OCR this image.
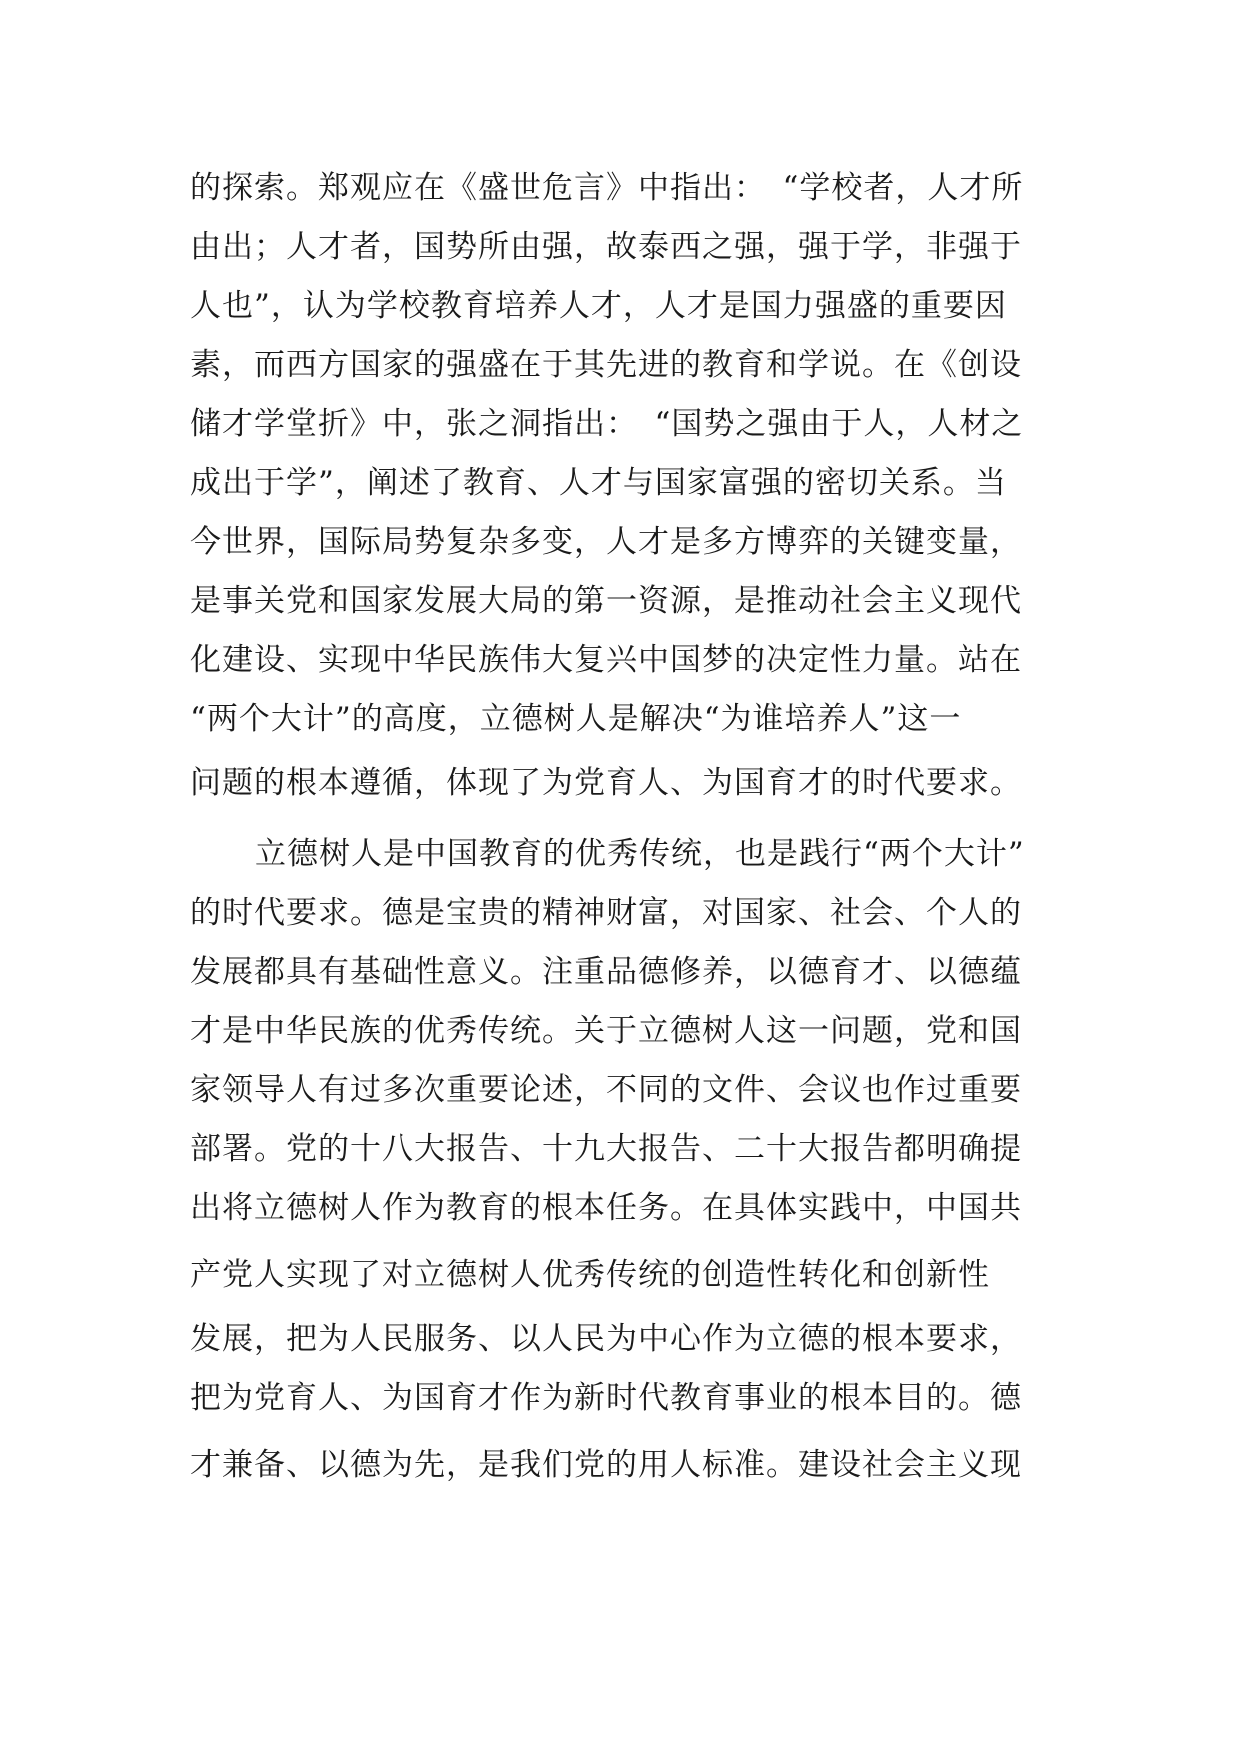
的探索。郑观应在《盛世危言》中指出：　“学校者，人才所
由出；人才者，国势所由强，故泰西之强，强于学，非强于
人也”，认为学校教育培养人才，人才是国力强盛的重要因
素，而西方国家的强盛在于其先进的教育和学说。在《创设
储才学堂折》中，张之洞指出：　“国势之强由于人，人材之
成出于学”，阐述了教育、人才与国家富强的密切关系。当
今世界，国际局势复杂多变，人才是多方博弈的关键变量，
是事关党和国家发展大局的第一资源，是推动社会主义现代
化建设、实现中华民族伟大复兴中国梦的决定性力量。站在
“两个大计”的高度，立德树人是解决“为谁培养人”这一
问题的根本遵循，体现了为党育人、为国育才的时代要求。
立德树人是中国教育的优秀传统，也是践行“两个大计”
的时代要求。德是宝贵的精神财富，对国家、社会、个人的
发展都具有基础性意义。注重品德修养，以德育才、以德蕴
才是中华民族的优秀传统。关于立德树人这一问题，党和国
家领导人有过多次重要论述，不同的文件、会议也作过重要
部署。党的十八大报告、十九大报告、二十大报告都明确提
出将立德树人作为教育的根本任务。在具体实践中，中国共
产党人实现了对立德树人优秀传统的创造性转化和创新性
发展，把为人民服务、以人民为中心作为立德的根本要求，
把为党育人、为国育才作为新时代教育事业的根本目的。德
才兼备、以德为先，是我们党的用人标准。建设社会主义现
